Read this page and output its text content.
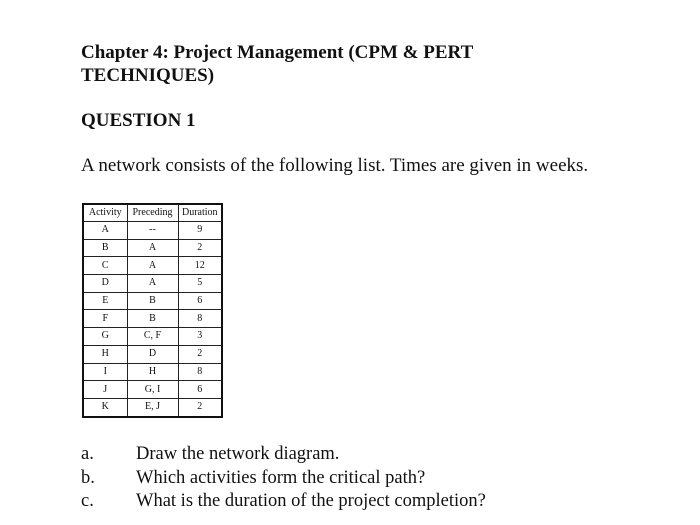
Chapter 4: Project Management (CPM & PERT
TECHNIQUES)
QUESTION 1
A network consists of the following list. Times are given in weeks.
Activity	Preceding	Duration
A	--	9
B	A	2
C	A	12
D	A	5
E	B	6
F	B	8
G	C, F	3
H	D	2
I	H	8
J	G, I	6
K	E, J	2
a.	Draw the network diagram.
b.	Which activities form the critical path?
c.	What is the duration of the project completion?
